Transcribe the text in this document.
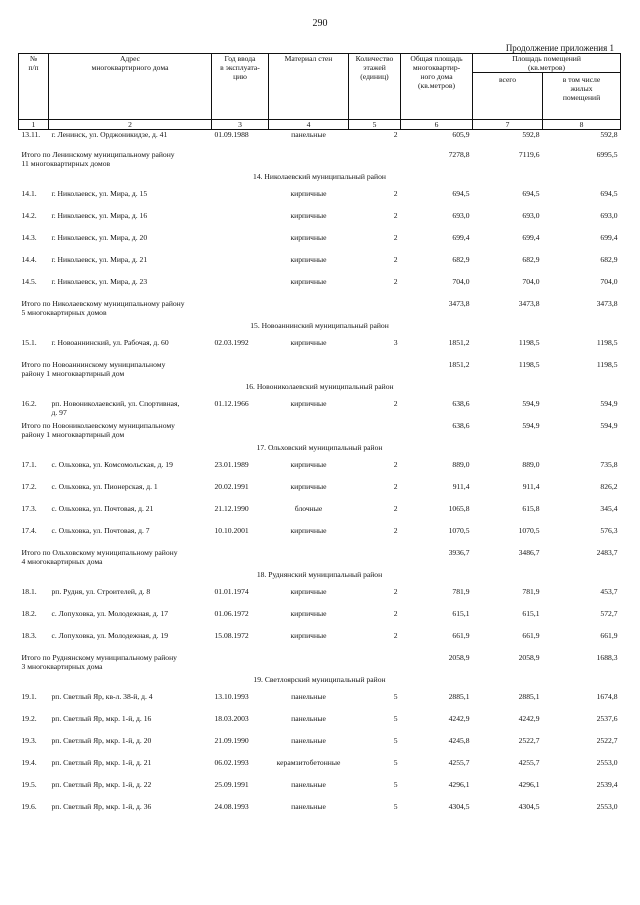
290
Продолжение приложения 1
№
п/п	Адрес
многоквартирного дома	Год ввода
в эксплуата-
цию	Материал стен	Количество
этажей
(единиц)	Общая площадь
многоквартир-
ного дома
(кв.метров)	Площадь помещений
(кв.метров)	
						всего	в том числе
жилых
помещений
1	2	3	4	5	6	7	8
13.11.	г. Ленинск, ул. Орджоникидзе, д. 41	01.09.1988	панельные	2	605,9	592,8	592,8
Итого по Ленинскому муниципальному району
11 многоквартирных домов					7278,8	7119,6	6995,5
14. Николаевский муниципальный район							
14.1.	г. Николаевск, ул. Мира, д. 15		кирпичные	2	694,5	694,5	694,5
14.2.	г. Николаевск, ул. Мира, д. 16		кирпичные	2	693,0	693,0	693,0
14.3.	г. Николаевск, ул. Мира, д. 20		кирпичные	2	699,4	699,4	699,4
14.4.	г. Николаевск, ул. Мира, д. 21		кирпичные	2	682,9	682,9	682,9
14.5.	г. Николаевск, ул. Мира, д. 23		кирпичные	2	704,0	704,0	704,0
Итого по Николаевскому муниципальному району
5 многоквартирных домов					3473,8	3473,8	3473,8
15. Новоаннинский муниципальный район							
15.1.	г. Новоаннинский, ул. Рабочая, д. 60	02.03.1992	кирпичные	3	1851,2	1198,5	1198,5
Итого по Новоаннинскому муниципальному
району 1 многоквартирный дом					1851,2	1198,5	1198,5
16. Новониколаевский муниципальный район							
16.2.	рп. Новониколаевский, ул. Спортивная,
д. 97	01.12.1966	кирпичные	2	638,6	594,9	594,9
Итого по Новониколаевскому муниципальному
району 1 многоквартирный дом					638,6	594,9	594,9
17. Ольховский муниципальный район							
17.1.	с. Ольховка, ул. Комсомольская, д. 19	23.01.1989	кирпичные	2	889,0	889,0	735,8
17.2.	с. Ольховка, ул. Пионерская, д. 1	20.02.1991	кирпичные	2	911,4	911,4	826,2
17.3.	с. Ольховка, ул. Почтовая, д. 21	21.12.1990	блочные	2	1065,8	615,8	345,4
17.4.	с. Ольховка, ул. Почтовая, д. 7	10.10.2001	кирпичные	2	1070,5	1070,5	576,3
Итого по Ольховскому муниципальному району
4 многоквартирных дома					3936,7	3486,7	2483,7
18. Руднянский муниципальный район							
18.1.	рп. Рудня, ул. Строителей, д. 8	01.01.1974	кирпичные	2	781,9	781,9	453,7
18.2.	с. Лопуховка, ул. Молодежная, д. 17	01.06.1972	кирпичные	2	615,1	615,1	572,7
18.3.	с. Лопуховка, ул. Молодежная, д. 19	15.08.1972	кирпичные	2	661,9	661,9	661,9
Итого по Руднянскому муниципальному району
3 многоквартирных дома					2058,9	2058,9	1688,3
19. Светлоярский муниципальный район							
19.1.	рп. Светлый Яр, кв-л. 38-й, д. 4	13.10.1993	панельные	5	2885,1	2885,1	1674,8
19.2.	рп. Светлый Яр, мкр. 1-й, д. 16	18.03.2003	панельные	5	4242,9	4242,9	2537,6
19.3.	рп. Светлый Яр, мкр. 1-й, д. 20	21.09.1990	панельные	5	4245,8	2522,7	2522,7
19.4.	рп. Светлый Яр, мкр. 1-й, д. 21	06.02.1993	керамзитобетонные	5	4255,7	4255,7	2553,0
19.5.	рп. Светлый Яр, мкр. 1-й, д. 22	25.09.1991	панельные	5	4296,1	4296,1	2539,4
19.6.	рп. Светлый Яр, мкр. 1-й, д. 36	24.08.1993	панельные	5	4304,5	4304,5	2553,0
